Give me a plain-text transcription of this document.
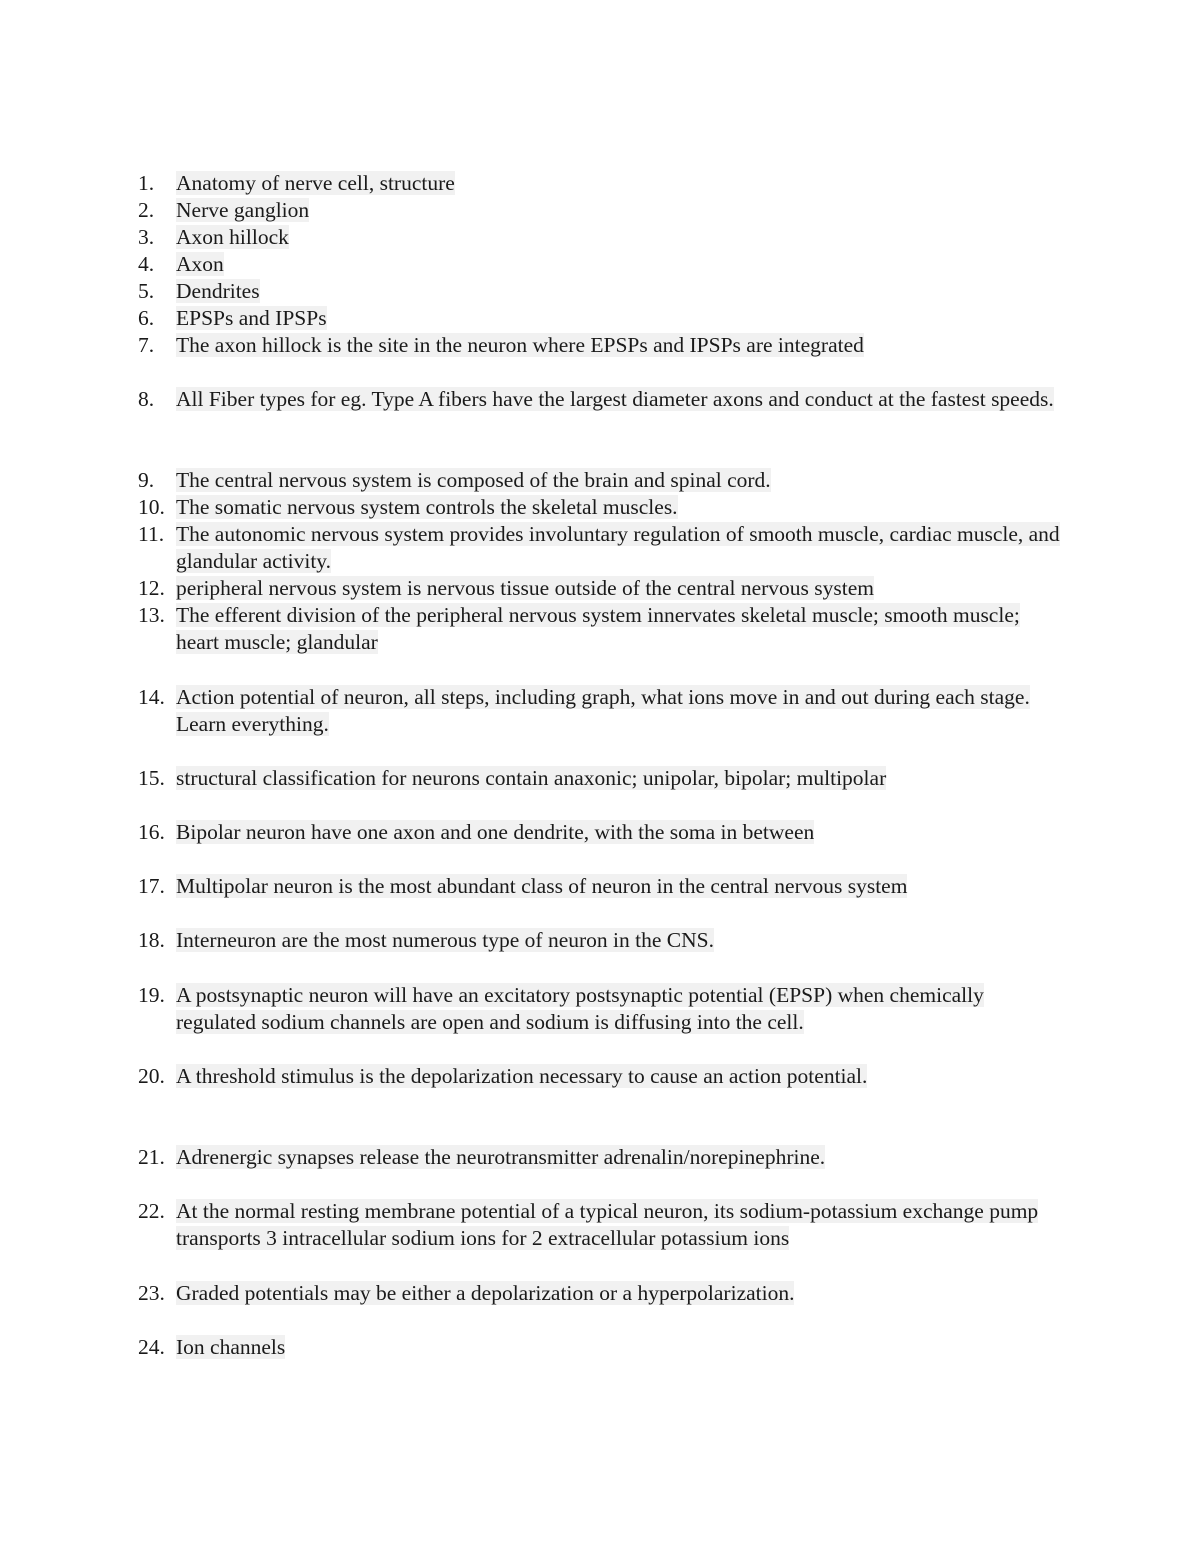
1.	Anatomy of nerve cell, structure
2.	Nerve ganglion
3.	Axon hillock
4.	Axon
5.	Dendrites
6.	EPSPs and IPSPs
7.	The axon hillock is the site in the neuron where EPSPs and IPSPs are integrated
8.	All Fiber types for eg. Type A fibers have the largest diameter axons and conduct at the fastest speeds.
9.	The central nervous system is composed of the brain and spinal cord.
10. The somatic nervous system controls the skeletal muscles.
11. The autonomic nervous system provides involuntary regulation of smooth muscle, cardiac muscle, and glandular activity.
12. peripheral nervous system is nervous tissue outside of the central nervous system
13. The efferent division of the peripheral nervous system innervates skeletal muscle; smooth muscle; heart muscle; glandular
14. Action potential of neuron, all steps, including graph, what ions move in and out during each stage. Learn everything.
15. structural classification for neurons contain anaxonic; unipolar, bipolar; multipolar
16. Bipolar neuron have one axon and one dendrite, with the soma in between
17. Multipolar neuron is the most abundant class of neuron in the central nervous system
18. Interneuron are the most numerous type of neuron in the CNS.
19. A postsynaptic neuron will have an excitatory postsynaptic potential (EPSP) when chemically regulated sodium channels are open and sodium is diffusing into the cell.
20. A threshold stimulus is the depolarization necessary to cause an action potential.
21. Adrenergic synapses release the neurotransmitter adrenalin/norepinephrine.
22. At the normal resting membrane potential of a typical neuron, its sodium-potassium exchange pump transports 3 intracellular sodium ions for 2 extracellular potassium ions
23. Graded potentials may be either a depolarization or a hyperpolarization.
24. Ion channels
